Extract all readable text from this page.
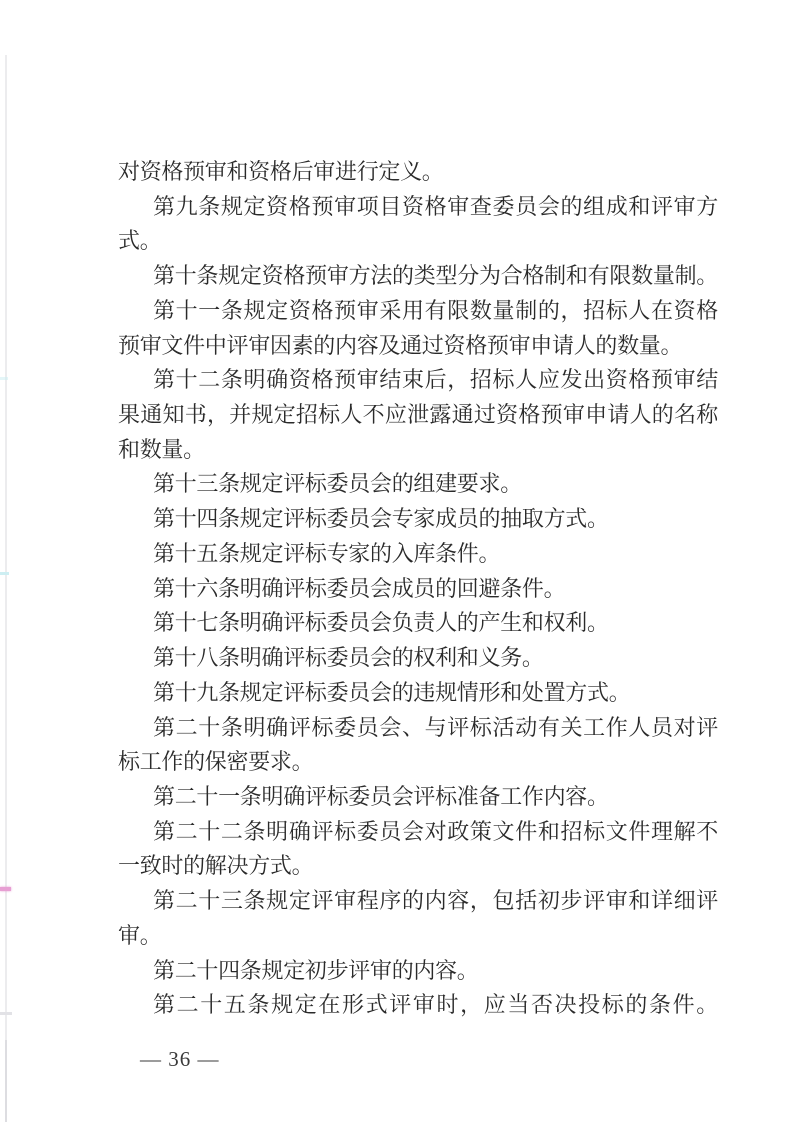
对资格预审和资格后审进行定义。
第九条规定资格预审项目资格审查委员会的组成和评审方
式。
第十条规定资格预审方法的类型分为合格制和有限数量制。
第十一条规定资格预审采用有限数量制的，招标人在资格
预审文件中评审因素的内容及通过资格预审申请人的数量。
第十二条明确资格预审结束后，招标人应发出资格预审结
果通知书，并规定招标人不应泄露通过资格预审申请人的名称
和数量。
第十三条规定评标委员会的组建要求。
第十四条规定评标委员会专家成员的抽取方式。
第十五条规定评标专家的入库条件。
第十六条明确评标委员会成员的回避条件。
第十七条明确评标委员会负责人的产生和权利。
第十八条明确评标委员会的权利和义务。
第十九条规定评标委员会的违规情形和处置方式。
第二十条明确评标委员会、与评标活动有关工作人员对评
标工作的保密要求。
第二十一条明确评标委员会评标准备工作内容。
第二十二条明确评标委员会对政策文件和招标文件理解不
一致时的解决方式。
第二十三条规定评审程序的内容，包括初步评审和详细评
审。
第二十四条规定初步评审的内容。
第二十五条规定在形式评审时，应当否决投标的条件。
— 36 —
